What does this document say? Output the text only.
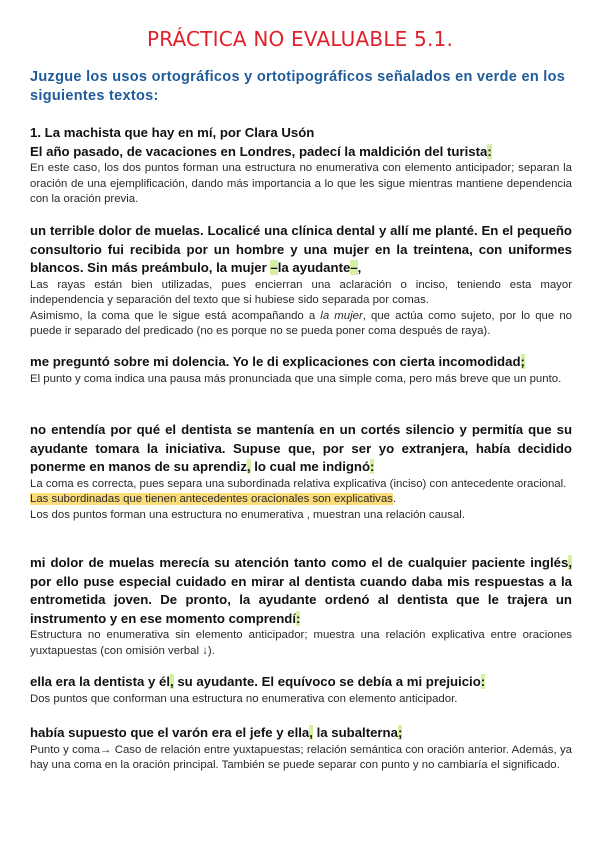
PRÁCTICA NO EVALUABLE 5.1.
Juzgue los usos ortográficos y ortotipográficos señalados en verde en los siguientes textos:
1. La machista que hay en mí, por Clara Usón
El año pasado, de vacaciones en Londres, padecí la maldición del turista:
En este caso, los dos puntos forman una estructura no enumerativa con elemento anticipador; separan la oración de una ejemplificación, dando más importancia a lo que les sigue mientras mantiene dependencia con la oración previa.
un terrible dolor de muelas. Localicé una clínica dental y allí me planté. En el pequeño consultorio fui recibida por un hombre y una mujer en la treintena, con uniformes blancos. Sin más preámbulo, la mujer –la ayudante–,
Las rayas están bien utilizadas, pues encierran una aclaración o inciso, teniendo esta mayor independencia y separación del texto que si hubiese sido separada por comas.
Asimismo, la coma que le sigue está acompañando a la mujer, que actúa como sujeto, por lo que no puede ir separado del predicado (no es porque no se pueda poner coma después de raya).
me preguntó sobre mi dolencia. Yo le di explicaciones con cierta incomodidad;
El punto y coma indica una pausa más pronunciada que una simple coma, pero más breve que un punto.
no entendía por qué el dentista se mantenía en un cortés silencio y permitía que su ayudante tomara la iniciativa. Supuse que, por ser yo extranjera, había decidido ponerme en manos de su aprendiz, lo cual me indignó:
La coma es correcta, pues separa una subordinada relativa explicativa (inciso) con antecedente oracional.
Las subordinadas que tienen antecedentes oracionales son explicativas.
Los dos puntos forman una estructura no enumerativa , muestran una relación causal.
mi dolor de muelas merecía su atención tanto como el de cualquier paciente inglés, por ello puse especial cuidado en mirar al dentista cuando daba mis respuestas a la entrometida joven. De pronto, la ayudante ordenó al dentista que le trajera un instrumento y en ese momento comprendí:
Estructura no enumerativa sin elemento anticipador; muestra una relación explicativa entre oraciones yuxtapuestas (con omisión verbal ↓).
ella era la dentista y él, su ayudante. El equívoco se debía a mi prejuicio:
Dos puntos que conforman una estructura no enumerativa con elemento anticipador.
había supuesto que el varón era el jefe y ella, la subalterna;
Punto y coma→ Caso de relación entre yuxtapuestas; relación semántica con oración anterior. Además, ya hay una coma en la oración principal. También se puede separar con punto y no cambiaría el significado.
